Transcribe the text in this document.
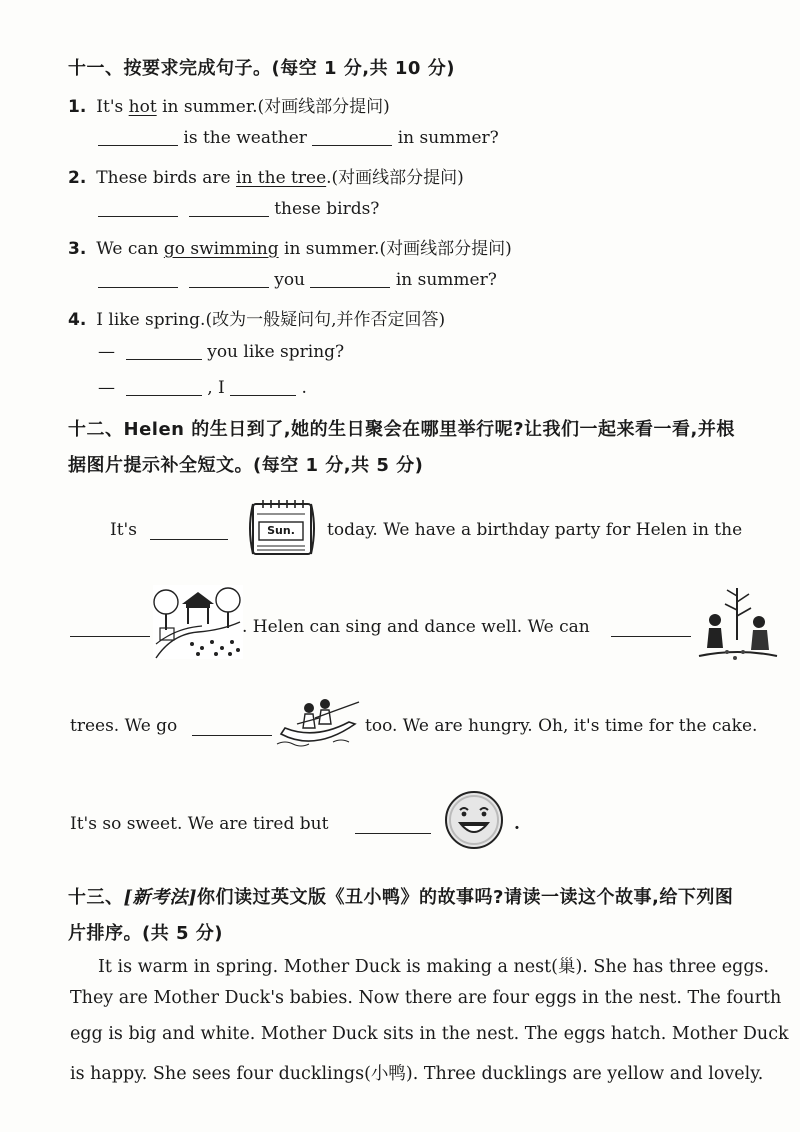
十一、按要求完成句子。(每空 1 分,共 10 分)
1. It's hot in summer.(对画线部分提问)
is the weather	in summer?
2. These birds are in the tree.(对画线部分提问)
these birds?
3. We can go swimming in summer.(对画线部分提问)
you	in summer?
4. I like spring.(改为一般疑问句,并作否定回答)
—	you like spring?
—	, I	.
十二、Helen 的生日到了,她的生日聚会在哪里举行呢?让我们一起来看一看,并根
据图片提示补全短文。(每空 1 分,共 5 分)
It's	Sun.	today. We have a birthday party for Helen in the
. Helen can sing and dance well. We can
trees. We go	too. We are hungry. Oh, it's time for the cake.
It's so sweet. We are tired but	.
十三、[新考法]你们读过英文版《丑小鸭》的故事吗?请读一读这个故事,给下列图
片排序。(共 5 分)
It is warm in spring. Mother Duck is making a nest(巢). She has three eggs.
They are Mother Duck's babies. Now there are four eggs in the nest. The fourth
egg is big and white. Mother Duck sits in the nest. The eggs hatch. Mother Duck
is happy. She sees four ducklings(小鸭). Three ducklings are yellow and lovely.
